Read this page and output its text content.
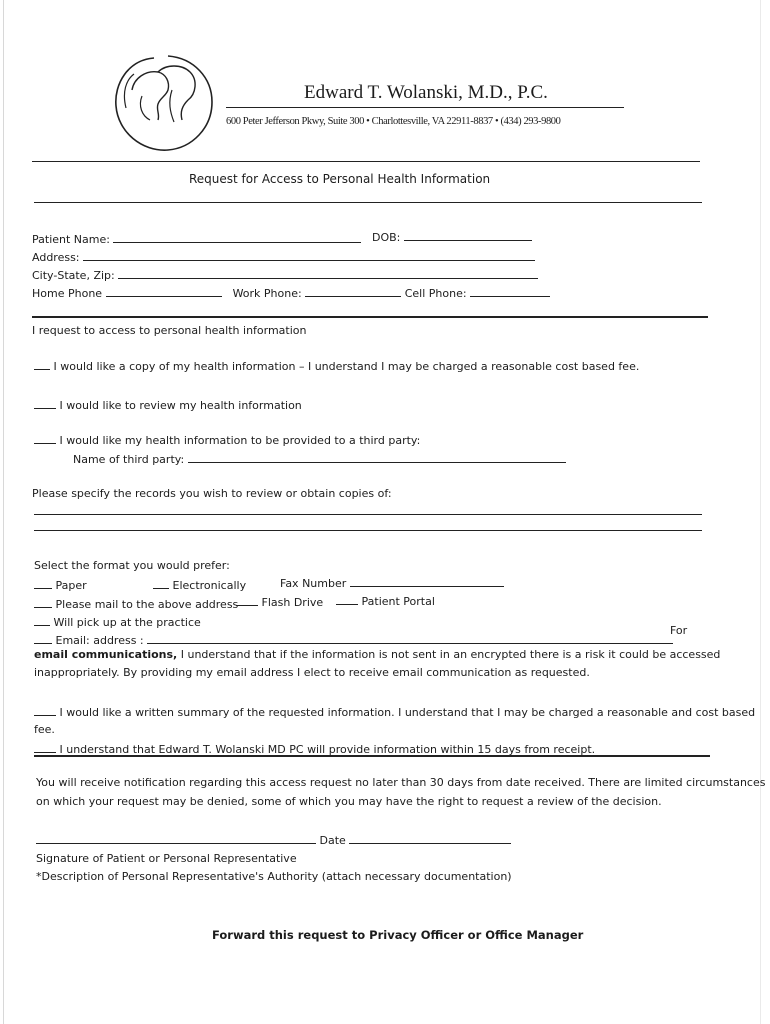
Edward T. Wolanski, M.D., P.C.
600 Peter Jefferson Pkwy, Suite 300 • Charlottesville, VA 22911-8837 • (434) 293-9800
Request for Access to Personal Health Information
Patient Name:	DOB:
Address:
City-State, Zip:
Home Phone	Work Phone:	Cell Phone:
I request to access to personal health information
I would like a copy of my health information – I understand I may be charged a reasonable cost based fee.
I would like to review my health information
I would like my health information to be provided to a third party:
Name of third party:
Please specify the records you wish to review or obtain copies of:
Select the format you would prefer:
Paper	Electronically	Fax Number
Please mail to the above address	Flash Drive	Patient Portal
Will pick up at the practice
Email: address :
For
email communications, I understand that if the information is not sent in an encrypted there is a risk it could be accessed
inappropriately. By providing my email address I elect to receive email communication as requested.
I would like a written summary of the requested information. I understand that I may be charged a reasonable and cost based
fee.
I understand that Edward T. Wolanski MD PC will provide information within 15 days from receipt.
You will receive notification regarding this access request no later than 30 days from date received. There are limited circumstances
on which your request may be denied, some of which you may have the right to request a review of the decision.
Date
Signature of Patient or Personal Representative
*Description of Personal Representative's Authority (attach necessary documentation)
Forward this request to Privacy Officer or Office Manager
